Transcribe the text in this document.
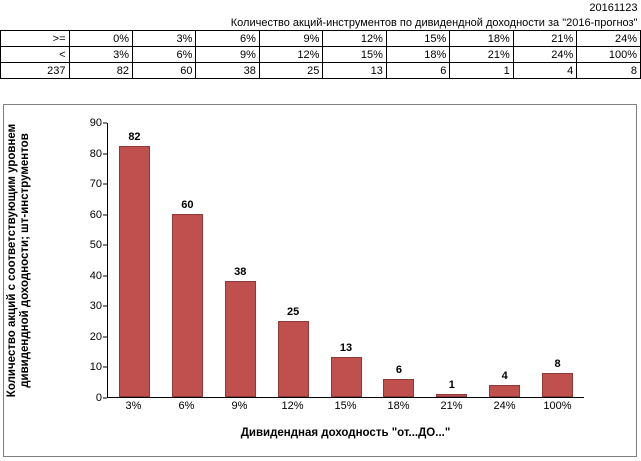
	20161123								
	Количество акций-инструментов по дивидендной доходности за "2016-прогноз"								
>=	0%	3%	6%	9%	12%	15%	18%	21%	24%
<	3%	6%	9%	12%	15%	18%	21%	24%	100%
237	82	60	38	25	13	6	1	4	8
Количество акций с соответствующим уровнем дивидендной доходности; шт-инструментов
0
10
20
30
40
50
60
70
80
90
82
60
38
25
13
6
1
4
8
3%	6%	9%	12%	15%	18%	21%	24%	100%
Дивидендная доходность "от...ДО..."
